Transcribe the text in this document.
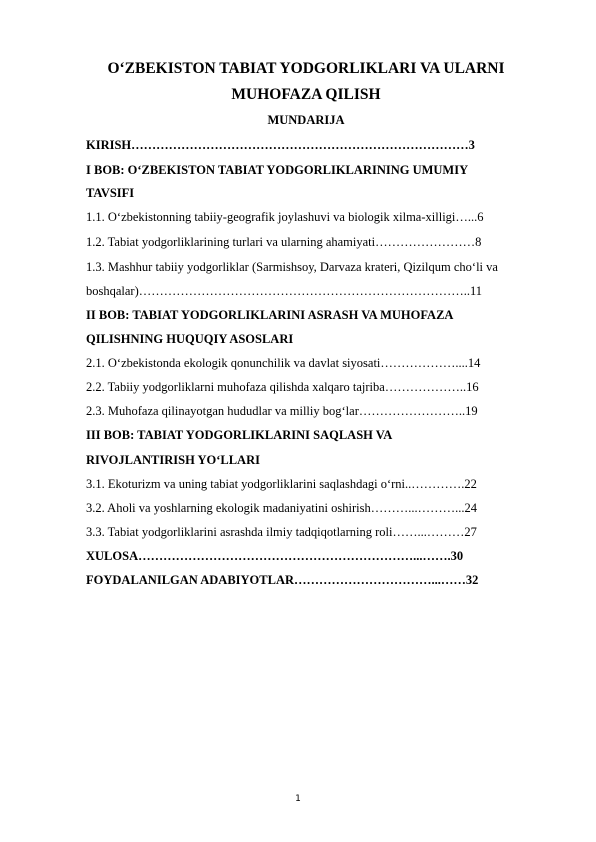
O‘ZBEKISTON TABIAT YODGORLIKLARI VA ULARNI
MUHOFAZA QILISH
MUNDARIJA
KIRISH………………………………………………………………………3
I BOB: O‘ZBEKISTON TABIAT YODGORLIKLARINING UMUMIY
TAVSIFI
1.1. O‘zbekistonning tabiiy-geografik joylashuvi va biologik xilma-xilligi…...6
1.2. Tabiat yodgorliklarining turlari va ularning ahamiyati……………………8
1.3. Mashhur tabiiy yodgorliklar (Sarmishsoy, Darvaza krateri, Qizilqum cho‘li va
boshqalar)……………………………………………………………………..11
II BOB: TABIAT YODGORLIKLARINI ASRASH VA MUHOFAZA
QILISHNING HUQUQIY ASOSLARI
2.1. O‘zbekistonda ekologik qonunchilik va davlat siyosati………………....14
2.2. Tabiiy yodgorliklarni muhofaza qilishda xalqaro tajriba………………..16
2.3. Muhofaza qilinayotgan hududlar va milliy bog‘lar……………………..19
III BOB: TABIAT YODGORLIKLARINI SAQLASH VA
RIVOJLANTIRISH YO‘LLARI
3.1. Ekoturizm va uning tabiat yodgorliklarini saqlashdagi o‘rni..………….22
3.2. Aholi va yoshlarning ekologik madaniyatini oshirish………...………...24
3.3. Tabiat yodgorliklarini asrashda ilmiy tadqiqotlarning roli……...………27
XULOSA…………………………………………………………...…….30
FOYDALANILGAN ADABIYOTLAR……………………………...……32
1
